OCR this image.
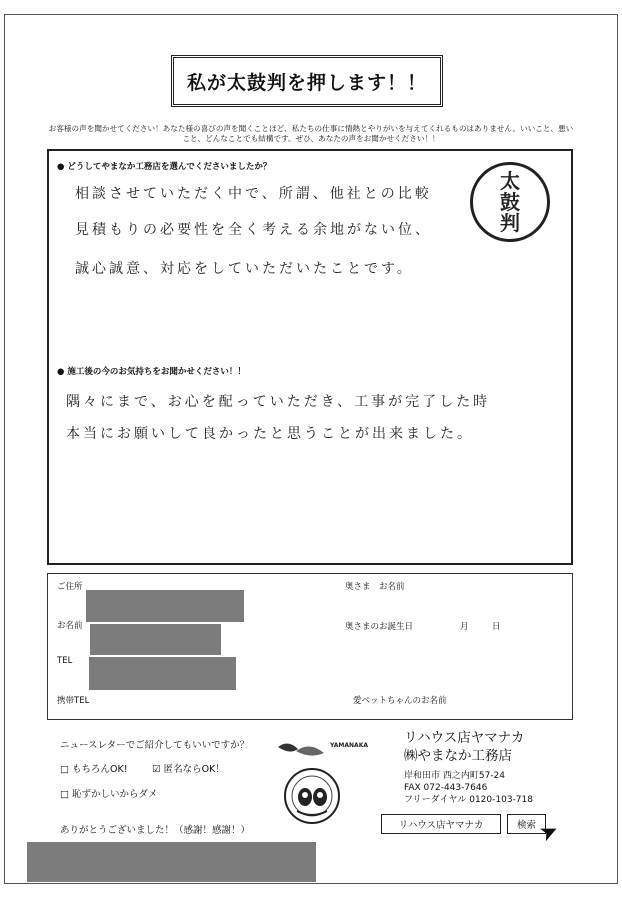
私が太鼓判を押します！！
お客様の声を聞かせてください！あなた様の喜びの声を聞くことほど、私たちの仕事に情熱とやりがいを与えてくれるものはありません。いいこと、悪いこと、どんなことでも結構です。ぜひ、あなたの声をお聞かせください！！
● どうしてやまなか工務店を選んでくださいましたか？
相談させていただく中で、所謂、他社との比較
見積もりの必要性を全く考える余地がない位、
誠心誠意、対応をしていただいたことです。
太
鼓
判
● 施工後の今のお気持ちをお聞かせください！！
隅々にまで、お心を配っていただき、工事が完了した時
本当にお願いして良かったと思うことが出来ました。
ご住所
お名前
TEL
携帯TEL
奥さま　お名前
奥さまのお誕生日	月	日
愛ペットちゃんのお名前
ニュースレターでご紹介してもいいですか？
□ もちろんOK!	☑ 匿名ならOK！
□ 恥ずかしいからダメ
ありがとうございました！（感謝！感謝！）
YAMANAKA	リハウス店ヤマナカ
㈱やまなか工務店
岸和田市 西之内町57-24
FAX 072-443-7646
フリーダイヤル 0120-103-718
リハウス店ヤマナカ	検索 ➤
